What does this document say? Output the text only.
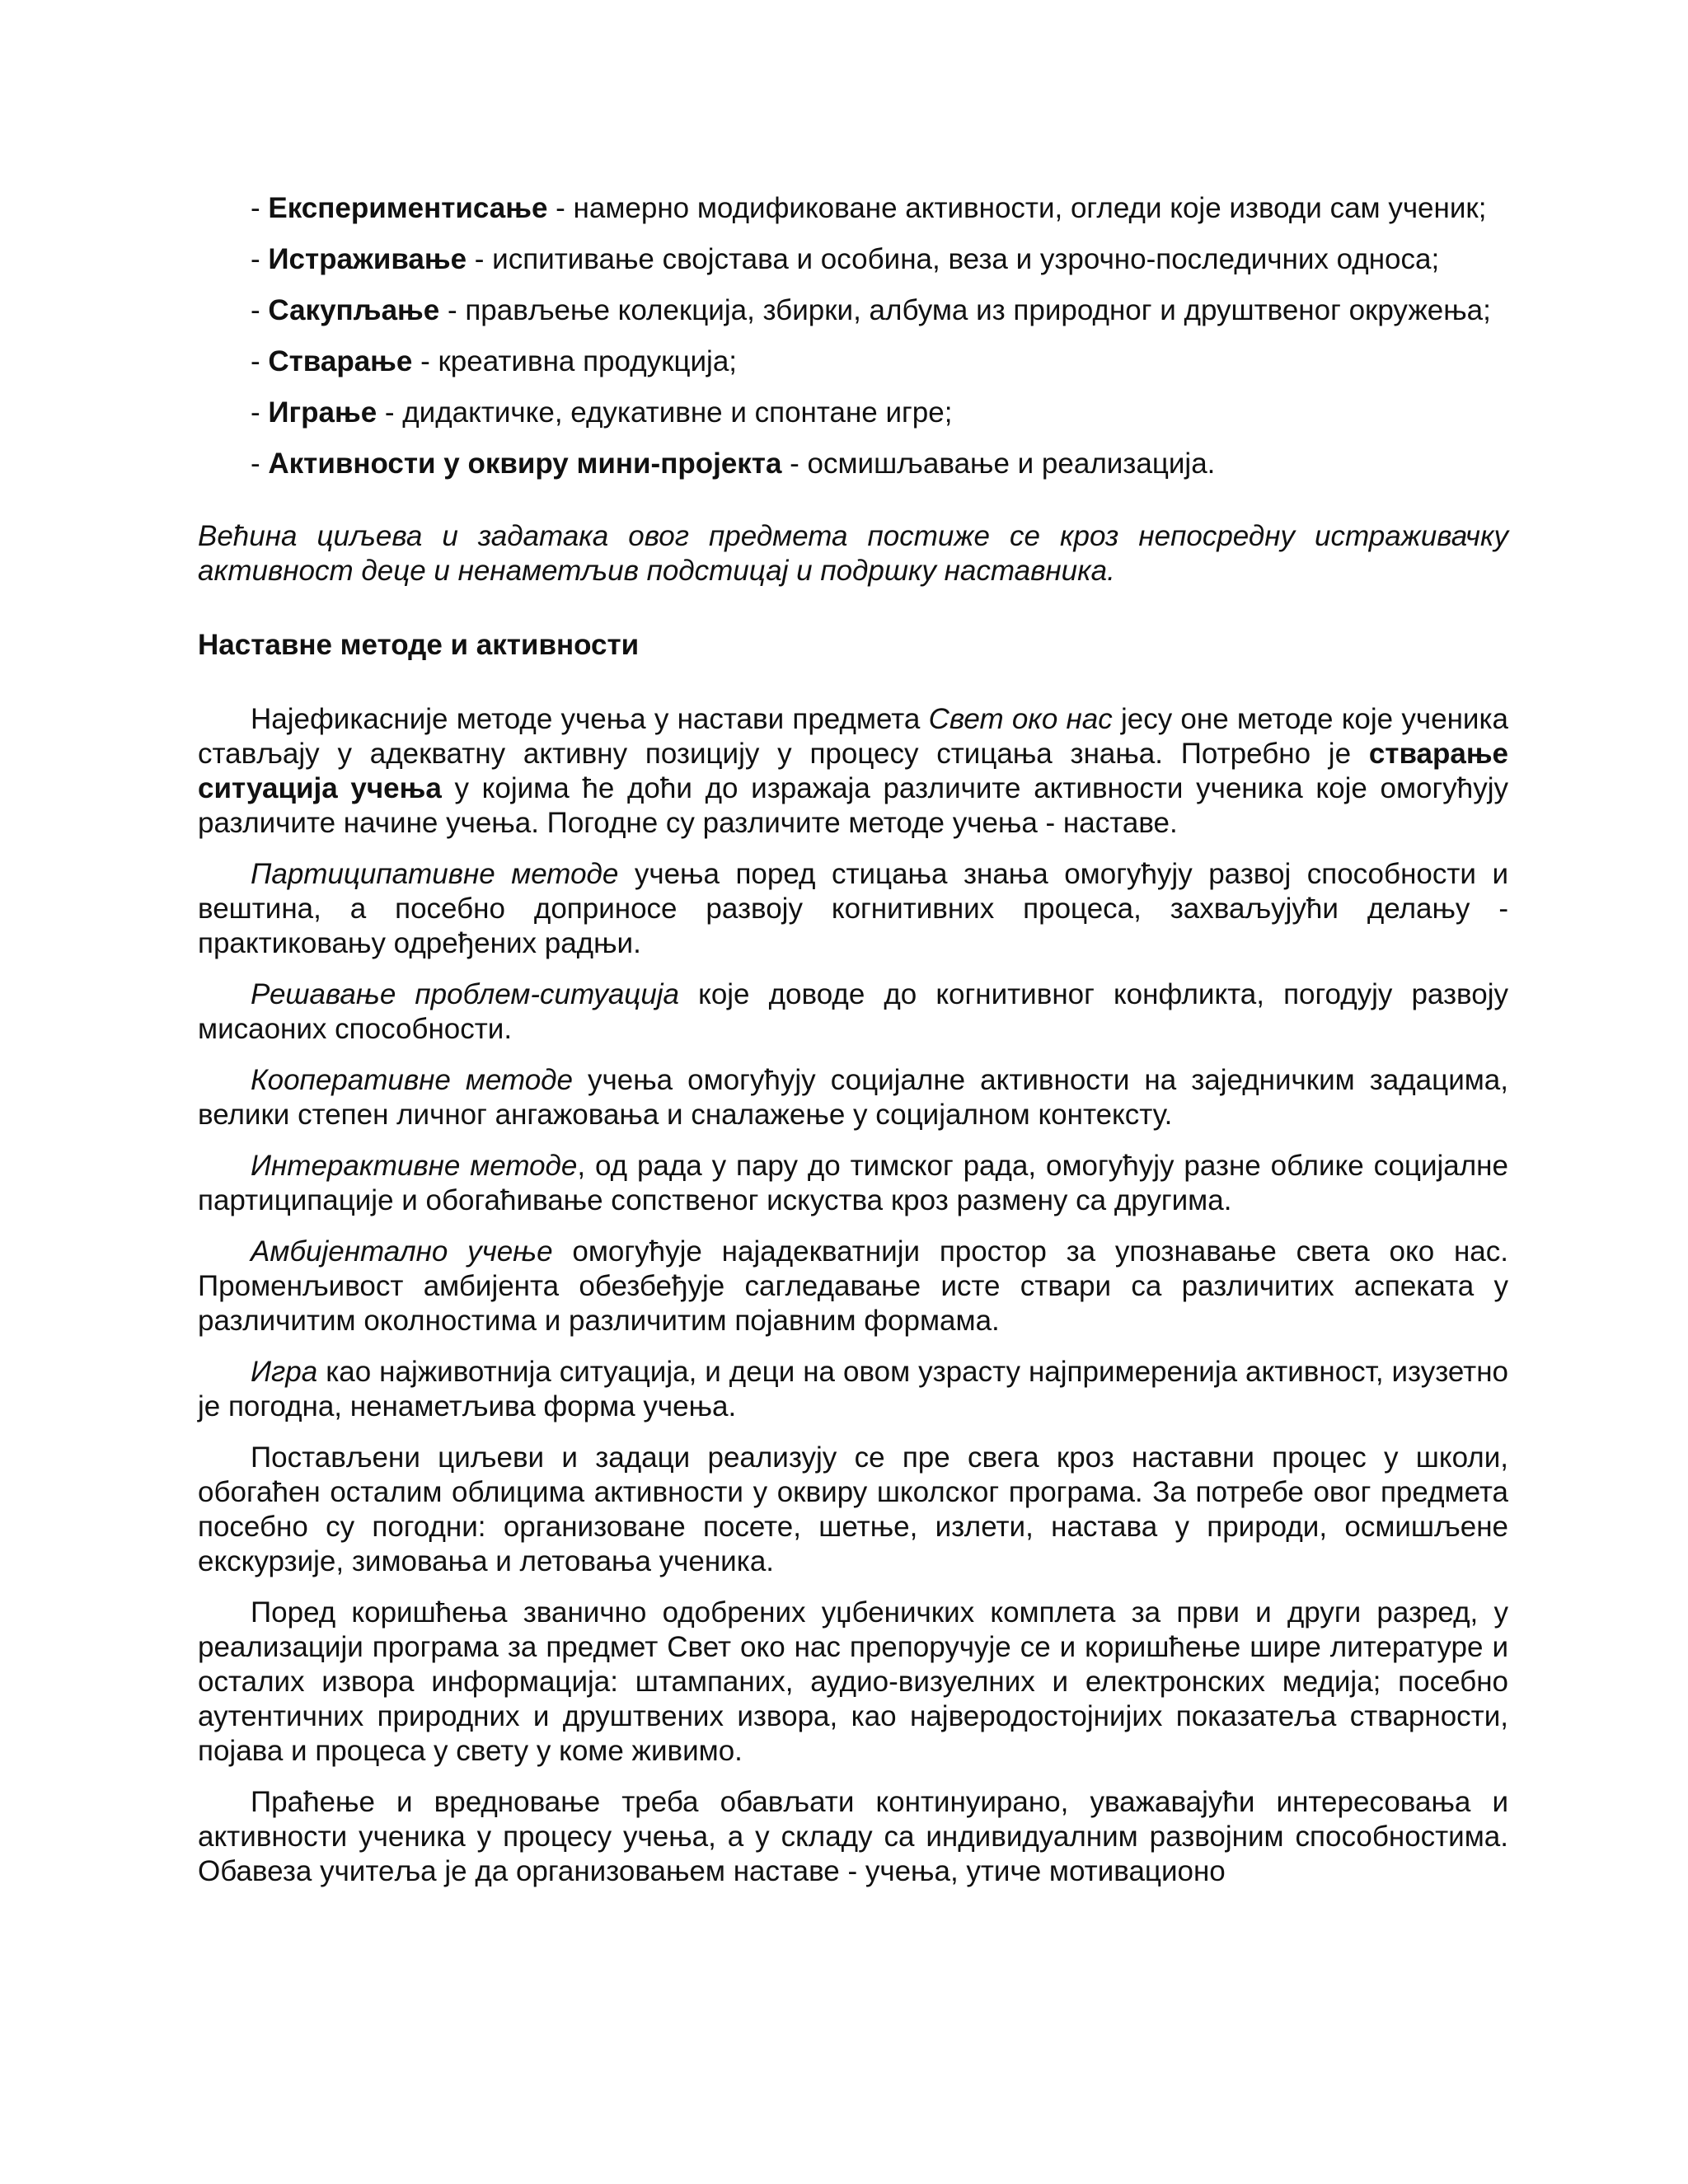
- Експериментисање - намерно модификоване активности, огледи које изводи сам ученик;

- Истраживање - испитивање својстава и особина, веза и узрочно-последичних односа;

- Сакупљање - прављење колекција, збирки, албума из природног и друштвеног окружења;

- Стварање - креативна продукција;

- Играње - дидактичке, едукативне и спонтане игре;

- Активности у оквиру мини-пројекта - осмишљавање и реализација.

Већина циљева и задатака овог предмета постиже се кроз непосредну истраживачку активност деце и ненаметљив подстицај и подршку наставника.

Наставне методе и активности

Најефикасније методе учења у настави предмета Свет око нас јесу оне методе које ученика стављају у адекватну активну позицију у процесу стицања знања. Потребно је стварање ситуација учења у којима ће доћи до изражаја различите активности ученика које омогућују различите начине учења. Погодне су различите методе учења - наставе.

Партиципативне методе учења поред стицања знања омогућују развој способности и вештина, а посебно доприносе развоју когнитивних процеса, захваљујући делању - практиковању одређених радњи.

Решавање проблем-ситуација које доводе до когнитивног конфликта, погодују развоју мисаоних способности.

Кооперативне методе учења омогућују социјалне активности на заједничким задацима, велики степен личног ангажовања и сналажење у социјалном контексту.

Интерактивне методе, од рада у пару до тимског рада, омогућују разне облике социјалне партиципације и обогаћивање сопственог искуства кроз размену са другима.

Амбијентално учење омогућује најадекватнији простор за упознавање света око нас. Променљивост амбијента обезбеђује сагледавање исте ствари са различитих аспеката у различитим околностима и различитим појавним формама.

Игра као најживотнија ситуација, и деци на овом узрасту најпримеренија активност, изузетно је погодна, ненаметљива форма учења.

Постављени циљеви и задаци реализују се пре свега кроз наставни процес у школи, обогаћен осталим облицима активности у оквиру школског програма. За потребе овог предмета посебно су погодни: организоване посете, шетње, излети, настава у природи, осмишљене екскурзије, зимовања и летовања ученика.

Поред коришћења званично одобрених уџбеничких комплета за први и други разред, у реализацији програма за предмет Свет око нас препоручује се и коришћење шире литературе и осталих извора информација: штампаних, аудио-визуелних и електронских медија; посебно аутентичних природних и друштвених извора, као најверодостојнијих показатеља стварности, појава и процеса у свету у коме живимо.

Праћење и вредновање треба обављати континуирано, уважавајући интересовања и активности ученика у процесу учења, а у складу са индивидуалним развојним способностима. Обавеза учитеља је да организовањем наставе - учења, утиче мотивационо
